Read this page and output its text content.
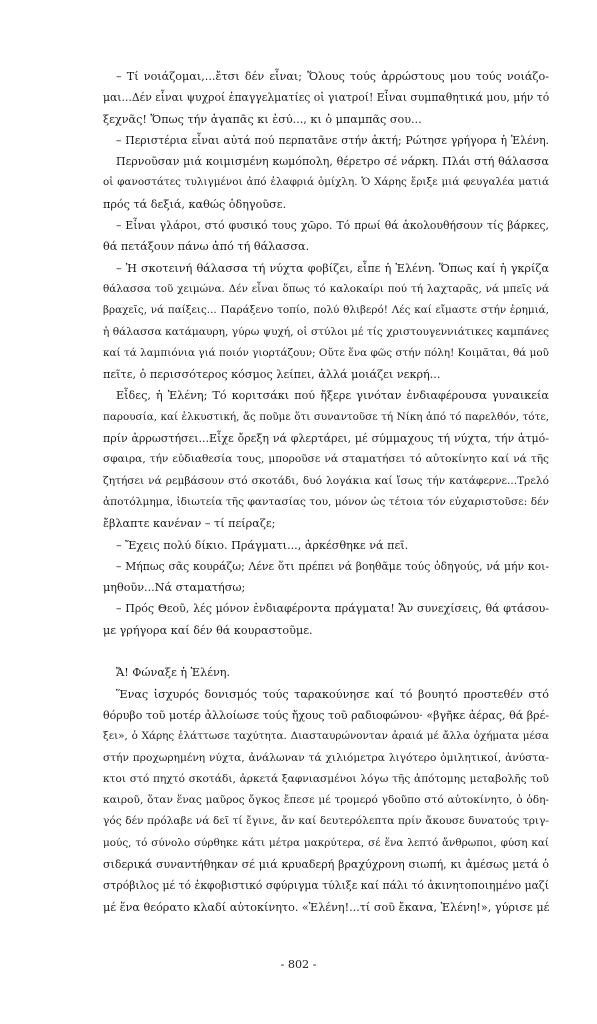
– Τί νοιάζομαι,...ἔτσι δέν εἶναι; Ὅλους τούς ἀρρώστους μου τούς νοιάζο-
μαι...Δέν εἶναι ψυχροί ἐπαγγελματίες οἱ γιατροί! Εἶναι συμπαθητικά μου, μήν τό
ξεχνᾶς! Ὅπως τήν ἀγαπᾶς κι ἐσύ..., κι ὁ μπαμπᾶς σου...
– Περιστέρια εἶναι αὐτά πού περπατᾶνε στήν ἀκτή; Ρώτησε γρήγορα ἡ Ἑλένη.
Περνοῦσαν μιά κοιμισμένη κωμόπολη, θέρετρο σέ νάρκη. Πλάι στή θάλασσα
οἱ φανοστάτες τυλιγμένοι ἀπό ἐλαφριά ὁμίχλη. Ὁ Χάρης ἔριξε μιά φευγαλέα ματιά
πρός τά δεξιά, καθώς ὁδηγοῦσε.
– Εἶναι γλάροι, στό φυσικό τους χῶρο. Τό πρωί θά ἀκολουθήσουν τίς βάρκες,
θά πετάξουν πάνω ἀπό τή θάλασσα.
– Ἡ σκοτεινή θάλασσα τή νύχτα φοβίζει, εἶπε ἡ Ἑλένη. Ὅπως καί ἡ γκρίζα
θάλασσα τοῦ χειμώνα. Δέν εἶναι ὅπως τό καλοκαίρι πού τή λαχταρᾶς, νά μπεῖς νά
βραχεῖς, νά παίξεις... Παράξενο τοπίο, πολύ θλιβερό! Λές καί εἴμαστε στήν ἐρημιά,
ἡ θάλασσα κατάμαυρη, γύρω ψυχή, οἱ στύλοι μέ τίς χριστουγεννιάτικες καμπάνες
καί τά λαμπιόνια γιά ποιόν γιορτάζουν; Οὔτε ἕνα φῶς στήν πόλη! Κοιμᾶται, θά μοῦ
πεῖτε, ὁ περισσότερος κόσμος λείπει, ἀλλά μοιάζει νεκρή...
Εἶδες, ἡ Ἑλένη; Τό κοριτσάκι πού ἤξερε γινόταν ἐνδιαφέρουσα γυναικεία
παρουσία, καί ἑλκυστική, ἄς ποῦμε ὅτι συναντοῦσε τή Νίκη ἀπό τό παρελθόν, τότε,
πρίν ἀρρωστήσει...Εἶχε ὄρεξη νά φλερτάρει, μέ σύμμαχους τή νύχτα, τήν ἀτμό-
σφαιρα, τήν εὐδιαθεσία τους, μποροῦσε νά σταματήσει τό αὐτοκίνητο καί νά τῆς
ζητήσει νά ρεμβάσουν στό σκοτάδι, δυό λογάκια καί ἴσως τήν κατάφερνε...Τρελό
ἀποτόλμημα, ἰδιωτεία τῆς φαντασίας του, μόνον ὡς τέτοια τόν εὐχαριστοῦσε: δέν
ἔβλαπτε κανέναν – τί πείραζε;
– Ἔχεις πολύ δίκιο. Πράγματι..., ἀρκέσθηκε νά πεῖ.
– Μήπως σᾶς κουράζω; Λένε ὅτι πρέπει νά βοηθᾶμε τούς ὁδηγούς, νά μήν κοι-
μηθοῦν...Νά σταματήσω;
– Πρός Θεοῦ, λές μόνον ἐνδιαφέροντα πράγματα! Ἄν συνεχίσεις, θά φτάσου-
με γρήγορα καί δέν θά κουραστοῦμε.
Ἄ! Φώναξε ἡ Ἑλένη.
Ἕνας ἰσχυρός δονισμός τούς ταρακούνησε καί τό βουητό προστεθέν στό
θόρυβο τοῦ μοτέρ ἀλλοίωσε τούς ἤχους τοῦ ραδιοφώνου· «βγῆκε ἀέρας, θά βρέ-
ξει», ὁ Χάρης ἐλάττωσε ταχύτητα. Διασταυρώνονταν ἀραιά μέ ἄλλα ὀχήματα μέσα
στήν προχωρημένη νύχτα, ἀνάλωναν τά χιλιόμετρα λιγότερο ὁμιλητικοί, ἀνύστα-
κτοι στό πηχτό σκοτάδι, ἀρκετά ξαφνιασμένοι λόγω τῆς ἀπότομης μεταβολῆς τοῦ
καιροῦ, ὅταν ἕνας μαῦρος ὄγκος ἔπεσε μέ τρομερό γδοῦπο στό αὐτοκίνητο, ὁ ὁδη-
γός δέν πρόλαβε νά δεῖ τί ἔγινε, ἄν καί δευτερόλεπτα πρίν ἄκουσε δυνατούς τριγ-
μούς, τό σύνολο σύρθηκε κάτι μέτρα μακρύτερα, σέ ἕνα λεπτό ἄνθρωποι, φύση καί
σιδερικά συναντήθηκαν σέ μιά κρυαδερή βραχύχρονη σιωπή, κι ἀμέσως μετά ὁ
στρόβιλος μέ τό ἐκφοβιστικό σφύριγμα τύλιξε καί πάλι τό ἀκινητοποιημένο μαζί
μέ ἕνα θεόρατο κλαδί αὐτοκίνητο. «Ἑλένη!...τί σοῦ ἔκανα, Ἑλένη!», γύρισε μέ
- 802 -
